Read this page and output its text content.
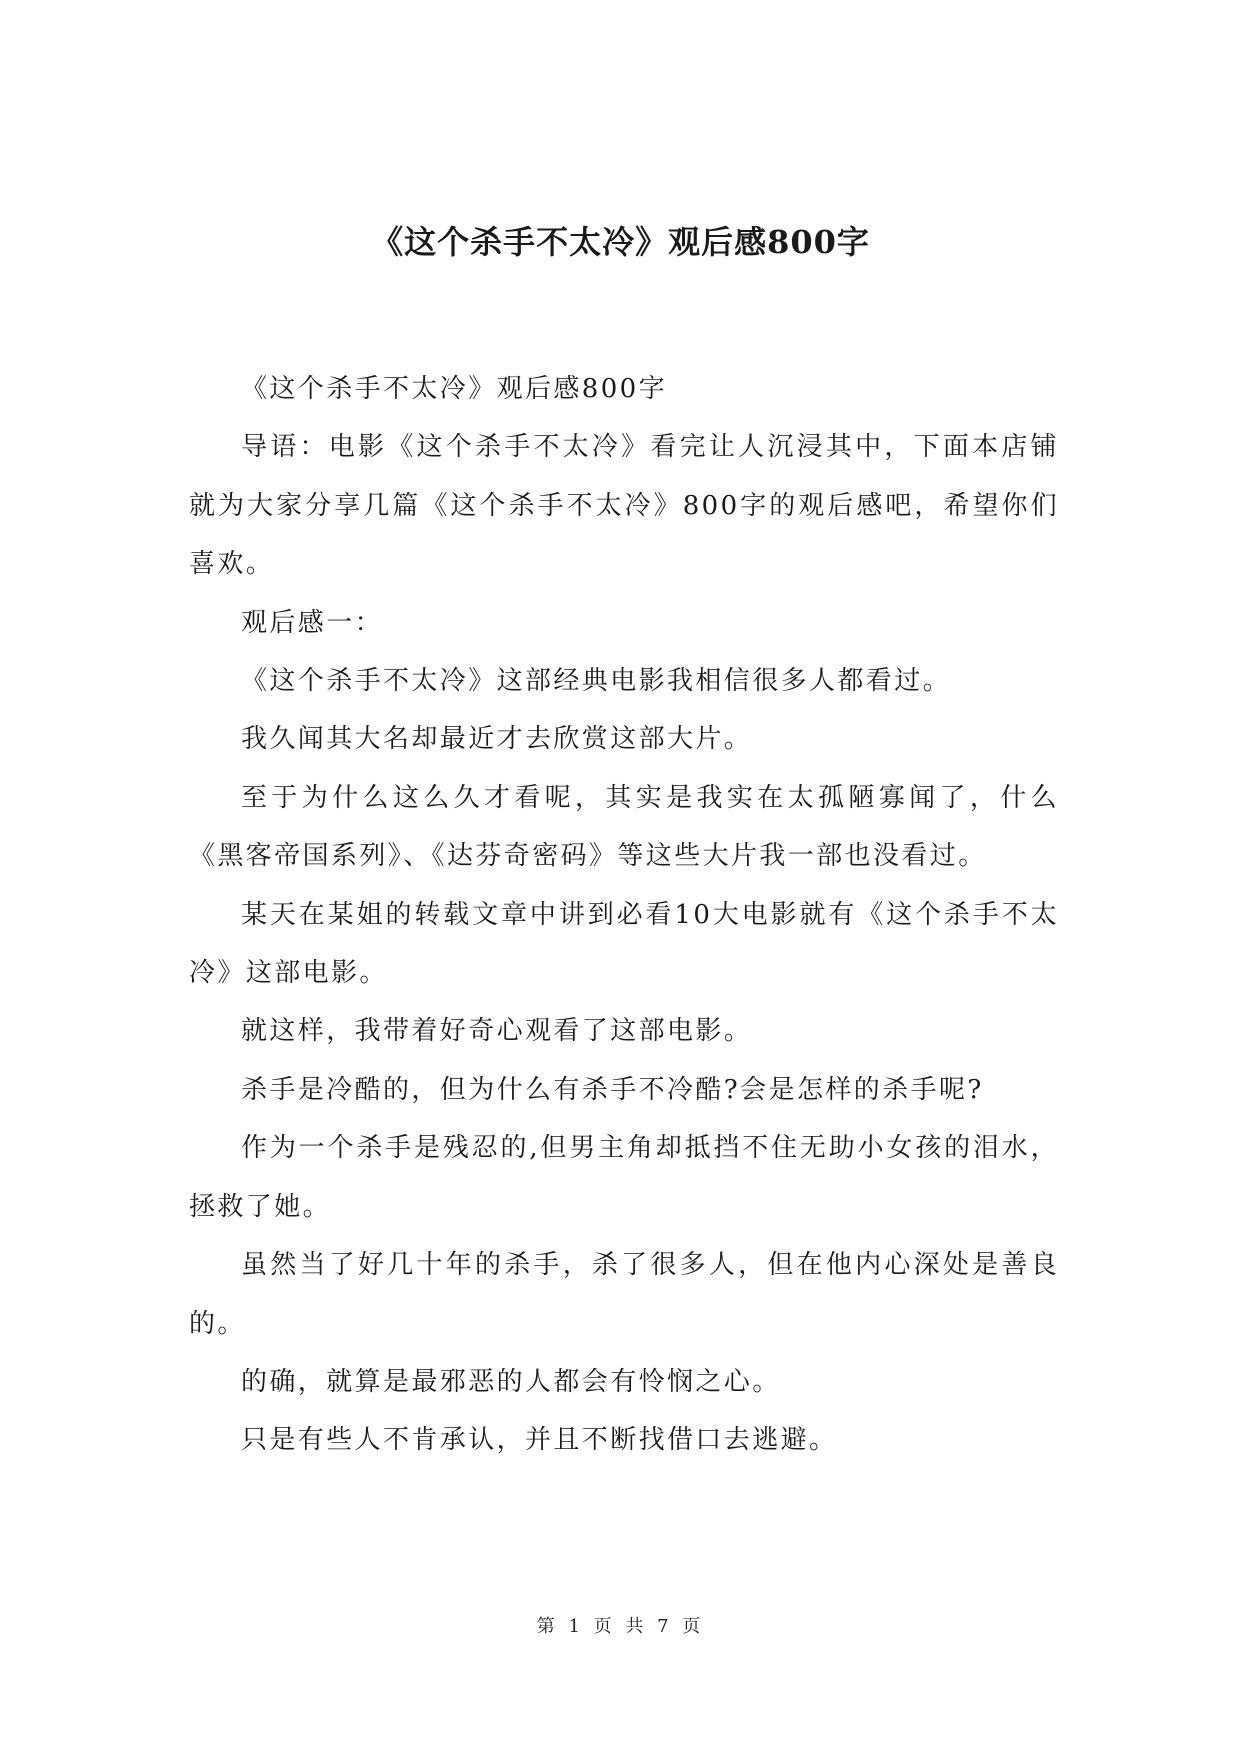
《这个杀手不太冷》观后感800字

《这个杀手不太冷》观后感800字

导语：电影《这个杀手不太冷》看完让人沉浸其中，下面本店铺就为大家分享几篇《这个杀手不太冷》800字的观后感吧，希望你们喜欢。

观后感一：

《这个杀手不太冷》这部经典电影我相信很多人都看过。

我久闻其大名却最近才去欣赏这部大片。

至于为什么这么久才看呢，其实是我实在太孤陋寡闻了，什么《黑客帝国系列》、《达芬奇密码》等这些大片我一部也没看过。

某天在某姐的转载文章中讲到必看10大电影就有《这个杀手不太冷》这部电影。

就这样，我带着好奇心观看了这部电影。

杀手是冷酷的，但为什么有杀手不冷酷?会是怎样的杀手呢?

作为一个杀手是残忍的,但男主角却抵挡不住无助小女孩的泪水，拯救了她。

虽然当了好几十年的杀手，杀了很多人，但在他内心深处是善良的。

的确，就算是最邪恶的人都会有怜悯之心。

只是有些人不肯承认，并且不断找借口去逃避。

第 1 页 共 7 页
